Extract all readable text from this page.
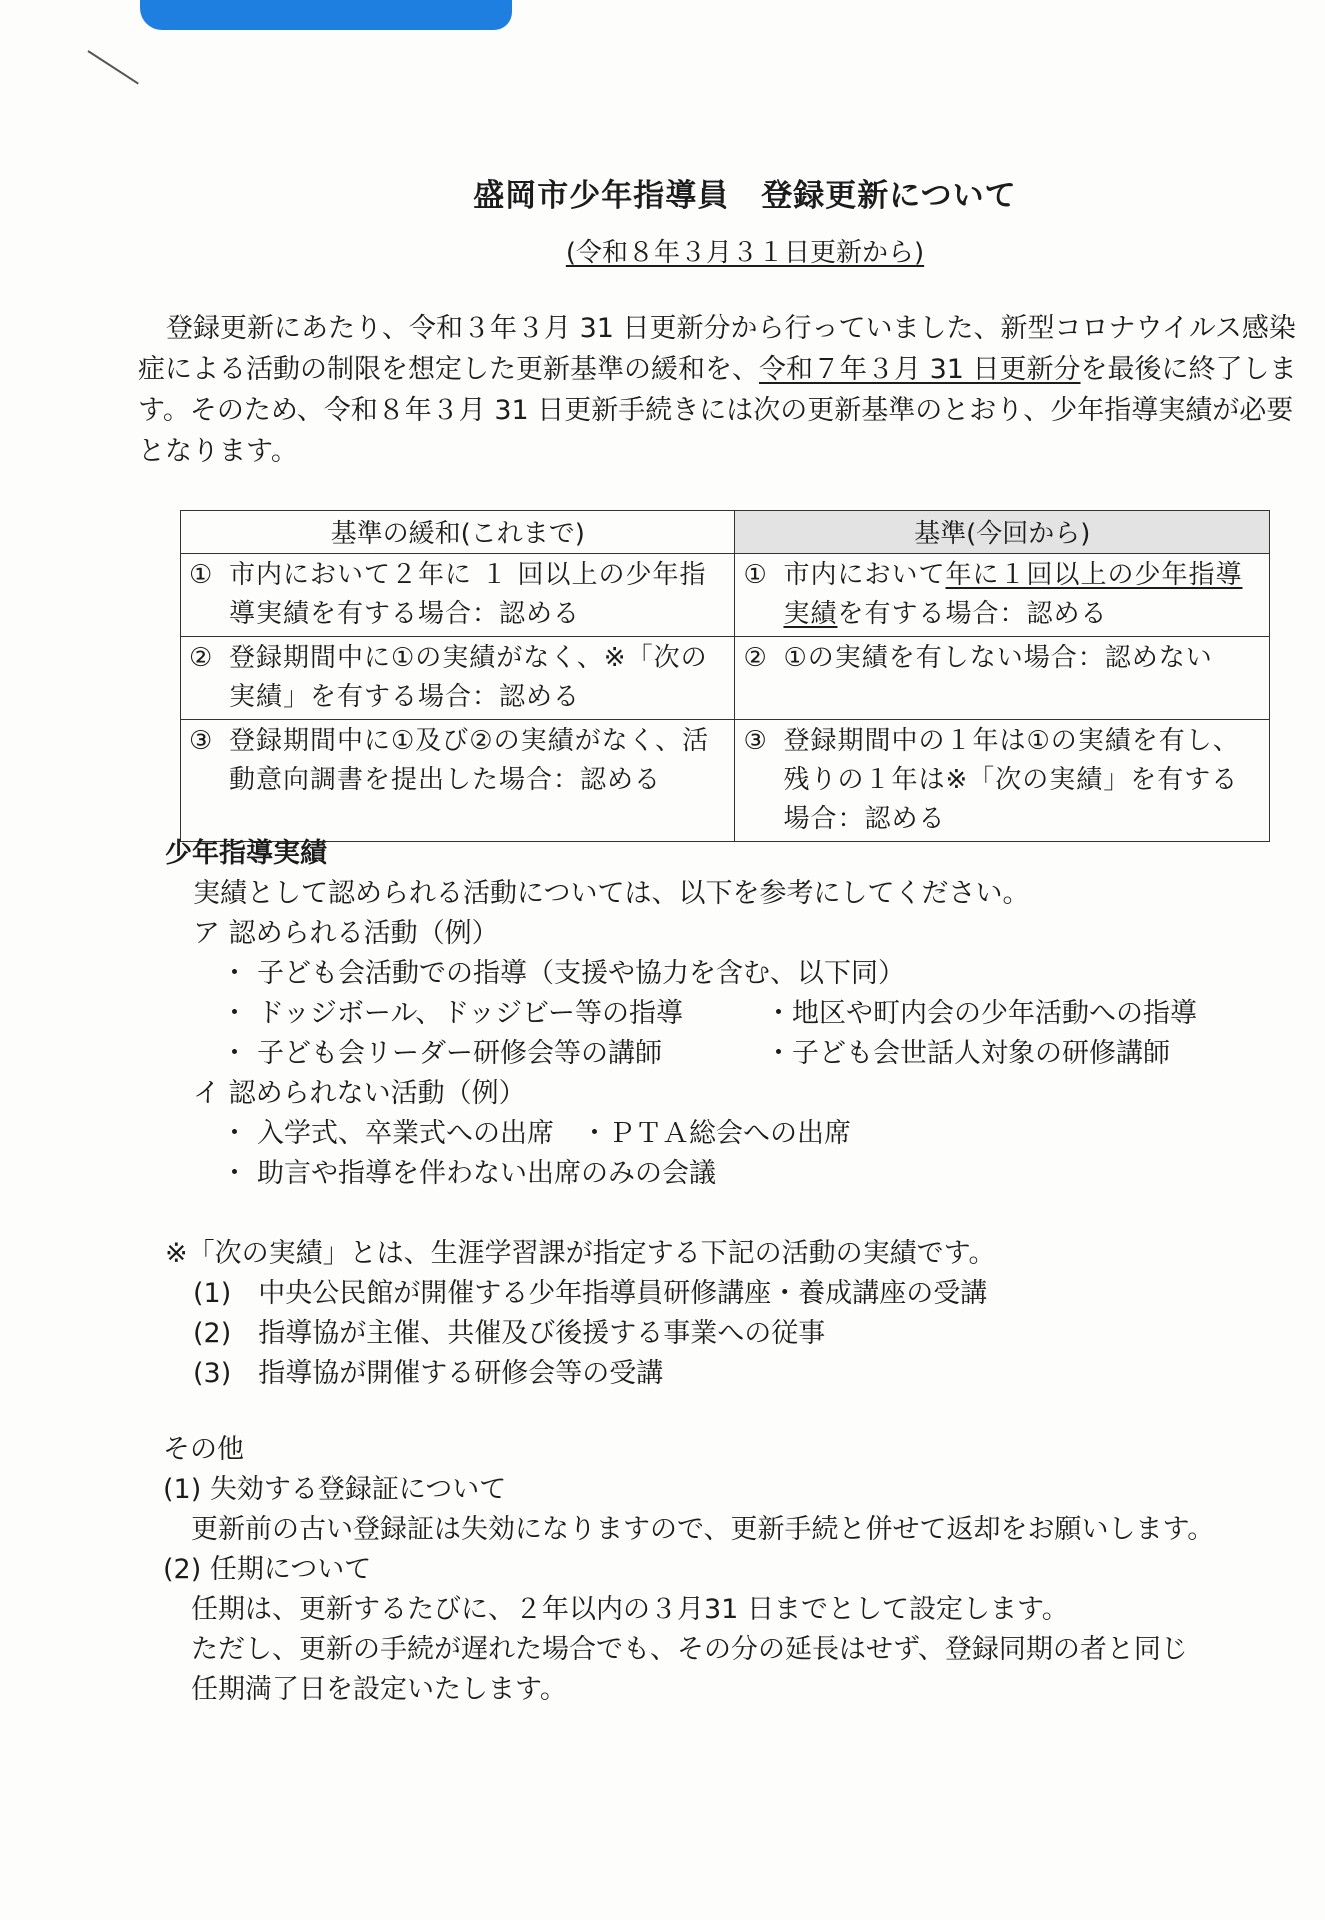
盛岡市少年指導員　登録更新について
(令和８年３月３１日更新から)

登録更新にあたり、令和３年３月 31 日更新分から行っていました、新型コロナウイルス感染症による活動の制限を想定した更新基準の緩和を、令和７年３月 31 日更新分を最後に終了します。そのため、令和８年３月 31 日更新手続きには次の更新基準のとおり、少年指導実績が必要となります。

基準の緩和(これまで)	基準(今回から)

① 市内において２年に １ 回以上の少年指導実績を有する場合：認める	① 市内において年に１回以上の少年指導実績を有する場合：認める

② 登録期間中に①の実績がなく、※「次の実績」を有する場合：認める	② ①の実績を有しない場合：認めない

③ 登録期間中に①及び②の実績がなく、活動意向調書を提出した場合：認める	③ 登録期間中の１年は①の実績を有し、残りの１年は※「次の実績」を有する場合：認める
少年指導実績
実績として認められる活動については、以下を参考にしてください。
ア 認められる活動（例）
・ 子ども会活動での指導（支援や協力を含む、以下同）
・ ドッジボール、ドッジビー等の指導	・地区や町内会の少年活動への指導
・ 子ども会リーダー研修会等の講師	・子ども会世話人対象の研修講師
イ 認められない活動（例）
・ 入学式、卒業式への出席　・ＰＴＡ総会への出席
・ 助言や指導を伴わない出席のみの会議
※「次の実績」とは、生涯学習課が指定する下記の活動の実績です。
(1)　中央公民館が開催する少年指導員研修講座・養成講座の受講
(2)　指導協が主催、共催及び後援する事業への従事
(3)　指導協が開催する研修会等の受講
その他
(1) 失効する登録証について
更新前の古い登録証は失効になりますので、更新手続と併せて返却をお願いします。
(2) 任期について
任期は、更新するたびに、２年以内の３月31 日までとして設定します。
ただし、更新の手続が遅れた場合でも、その分の延長はせず、登録同期の者と同じ
任期満了日を設定いたします。
